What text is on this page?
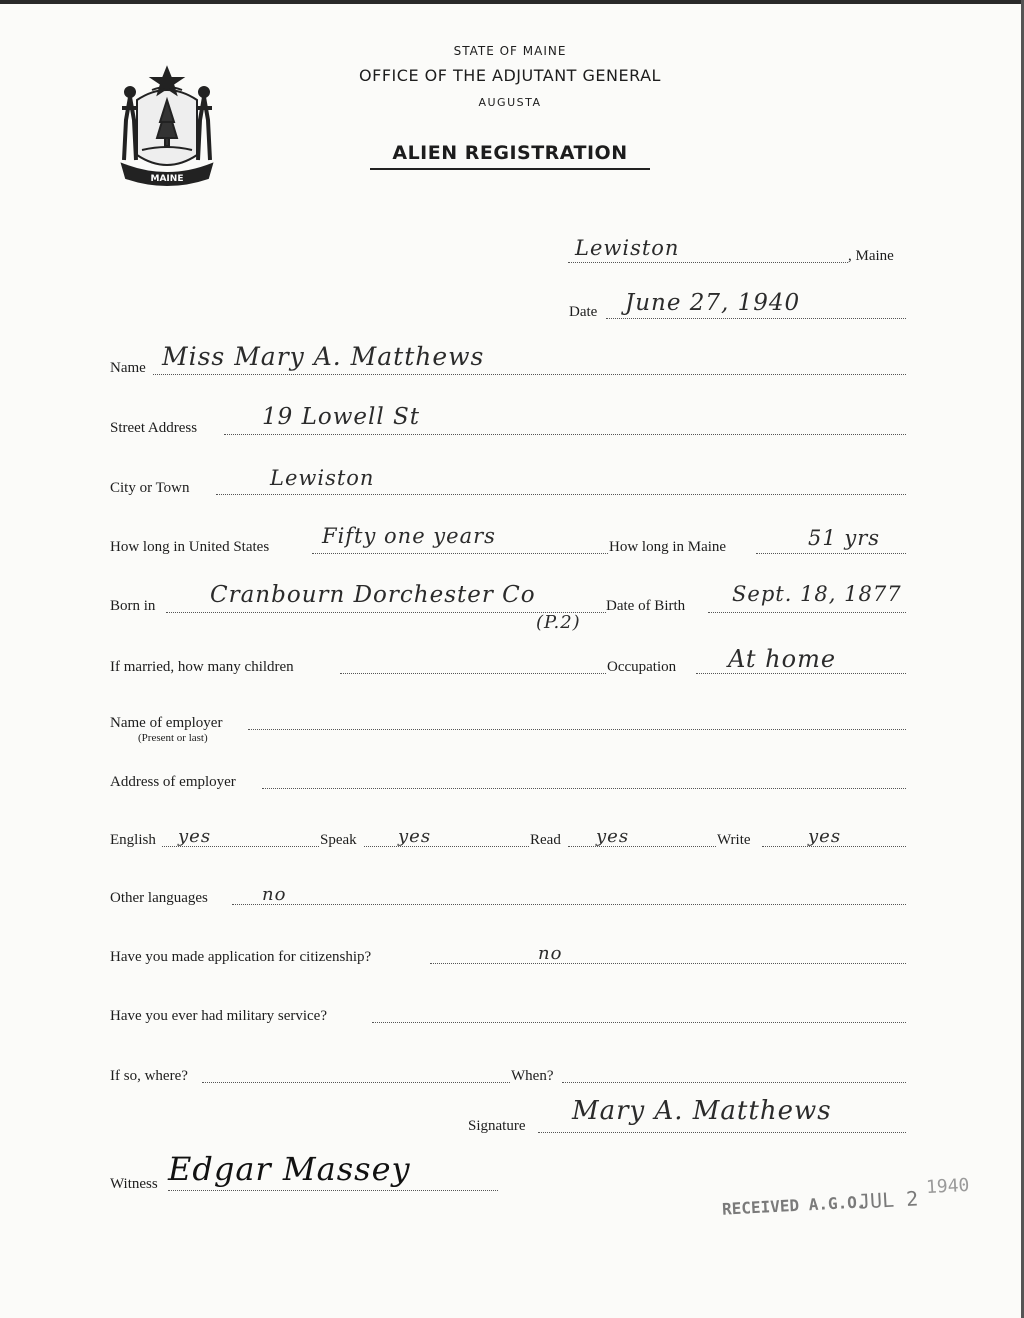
MAINE
STATE OF MAINE
OFFICE OF THE ADJUTANT GENERAL
AUGUSTA
ALIEN REGISTRATION
Lewiston	, Maine
Date June 27, 1940
Name Miss Mary A. Matthews
Street Address	19 Lowell St
City or Town	Lewiston
How long in United States	Fifty one years	How long in Maine	51 yrs
Born in Cranbourn Dorchester Co
(P.2)
Date of Birth Sept. 18, 1877
If married, how many children	Occupation At home
Name of employer
(Present or last)
Address of employer
English yes	Speak yes	Read yes	Write	yes
Other languages	no
Have you made application for citizenship?	no
Have you ever had military service?
If so, where?	When?
Signature Mary A. Matthews
Witness Edgar Massey
RECEIVED A.G.O.
JUL 2 1940
